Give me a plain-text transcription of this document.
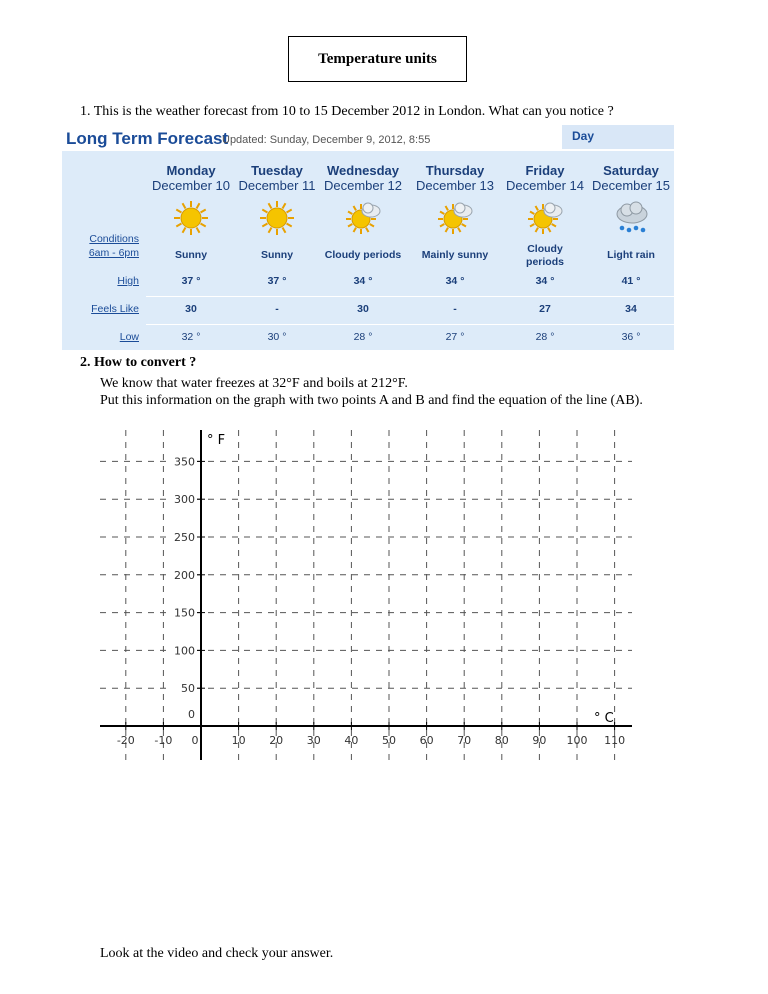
Temperature units
1. This is the weather forecast from 10 to 15 December 2012 in London. What can you notice ?
Long Term Forecast
Updated: Sunday, December 9, 2012, 8:55	Day
Conditions
6am - 6pm
High
Feels Like
Low
Monday
December 10
Sunny
37 °
30
32 °
Tuesday
December 11
Sunny
37 °
-
30 °
Wednesday
December 12
Cloudy periods
34 °
30
28 °
Thursday
December 13
Mainly sunny
34 °
-
27 °
Friday
December 14
Cloudy periods
34 °
27
28 °
Saturday
December 15
Light rain
41 °
34
36 °
2. How to convert ?
We know that water freezes at 32°F and boils at 212°F.
Put this information on the graph with two points A and B and find the equation of the line (AB).
-20 -10 0	10 20 30 40 50 60 70 80 90 100 110
0
50
100
150
200
250
300
350
° F
° C
Look at the video and check your answer.
